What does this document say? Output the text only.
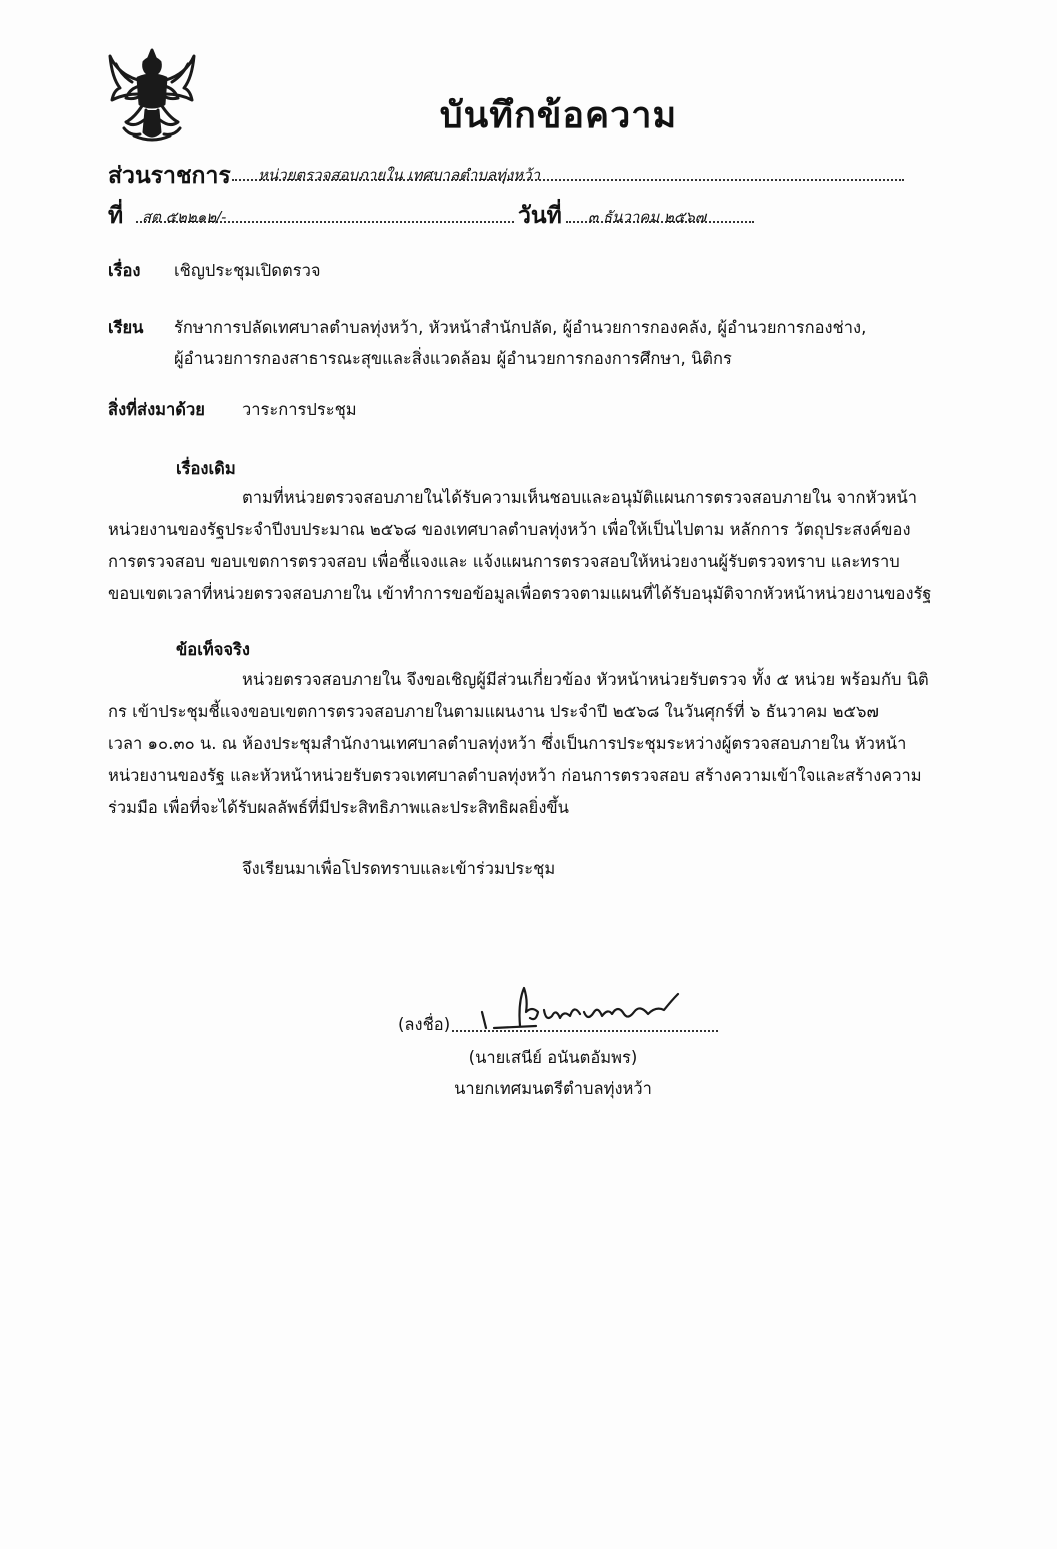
บันทึกข้อความ
ส่วนราชการ หน่วยตรวจสอบภายใน เทศบาลตำบลทุ่งหว้า
ที่ สต ๕๒๒๑๒/-	วันที่ ๓ ธันวาคม ๒๕๖๗
เรื่อง เชิญประชุมเปิดตรวจ
เรียน รักษาการปลัดเทศบาลตำบลทุ่งหว้า, หัวหน้าสำนักปลัด, ผู้อำนวยการกองคลัง, ผู้อำนวยการกองช่าง,
ผู้อำนวยการกองสาธารณะสุขและสิ่งแวดล้อม ผู้อำนวยการกองการศึกษา, นิติกร
สิ่งที่ส่งมาด้วย วาระการประชุม
เรื่องเดิม
ตามที่หน่วยตรวจสอบภายในได้รับความเห็นชอบและอนุมัติแผนการตรวจสอบภายใน จากหัวหน้า
หน่วยงานของรัฐประจำปีงบประมาณ ๒๕๖๘ ของเทศบาลตำบลทุ่งหว้า เพื่อให้เป็นไปตาม หลักการ วัตถุประสงค์ของ
การตรวจสอบ ขอบเขตการตรวจสอบ เพื่อชี้แจงและ แจ้งแผนการตรวจสอบให้หน่วยงานผู้รับตรวจทราบ และทราบ
ขอบเขตเวลาที่หน่วยตรวจสอบภายใน เข้าทำการขอข้อมูลเพื่อตรวจตามแผนที่ได้รับอนุมัติจากหัวหน้าหน่วยงานของรัฐ
ข้อเท็จจริง
หน่วยตรวจสอบภายใน จึงขอเชิญผู้มีส่วนเกี่ยวข้อง หัวหน้าหน่วยรับตรวจ ทั้ง ๕ หน่วย พร้อมกับ นิติ
กร เข้าประชุมชี้แจงขอบเขตการตรวจสอบภายในตามแผนงาน ประจำปี ๒๕๖๘ ในวันศุกร์ที่ ๖ ธันวาคม ๒๕๖๗
เวลา ๑๐.๓๐ น. ณ ห้องประชุมสำนักงานเทศบาลตำบลทุ่งหว้า ซึ่งเป็นการประชุมระหว่างผู้ตรวจสอบภายใน หัวหน้า
หน่วยงานของรัฐ และหัวหน้าหน่วยรับตรวจเทศบาลตำบลทุ่งหว้า ก่อนการตรวจสอบ สร้างความเข้าใจและสร้างความ
ร่วมมือ เพื่อที่จะได้รับผลลัพธ์ที่มีประสิทธิภาพและประสิทธิผลยิ่งขึ้น
จึงเรียนมาเพื่อโปรดทราบและเข้าร่วมประชุม
(ลงชื่อ)
(นายเสนีย์ อนันตอัมพร)
นายกเทศมนตรีตำบลทุ่งหว้า
